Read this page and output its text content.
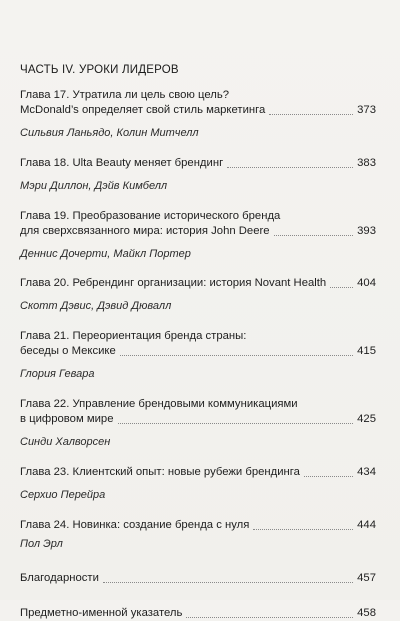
ЧАСТЬ IV. УРОКИ ЛИДЕРОВ
Глава 17. Утратила ли цель свою цель?
McDonald’s определяет свой стиль маркетинга	373
Сильвия Ланьядо, Колин Митчелл
Глава 18. Ulta Beauty меняет брендинг	383
Мэри Диллон, Дэйв Кимбелл
Глава 19. Преобразование исторического бренда
для сверхсвязанного мира: история John Deere	393
Деннис Дочерти, Майкл Портер
Глава 20. Ребрендинг организации: история Novant Health	404
Скотт Дэвис, Дэвид Дювалл
Глава 21. Переориентация бренда страны:
беседы о Мексике	415
Глория Гевара
Глава 22. Управление брендовыми коммуникациями
в цифровом мире	425
Синди Халворсен
Глава 23. Клиентский опыт: новые рубежи брендинга	434
Серхио Перейра
Глава 24. Новинка: создание бренда с нуля	444
Пол Эрл
Благодарности	457
Предметно-именной указатель	458
